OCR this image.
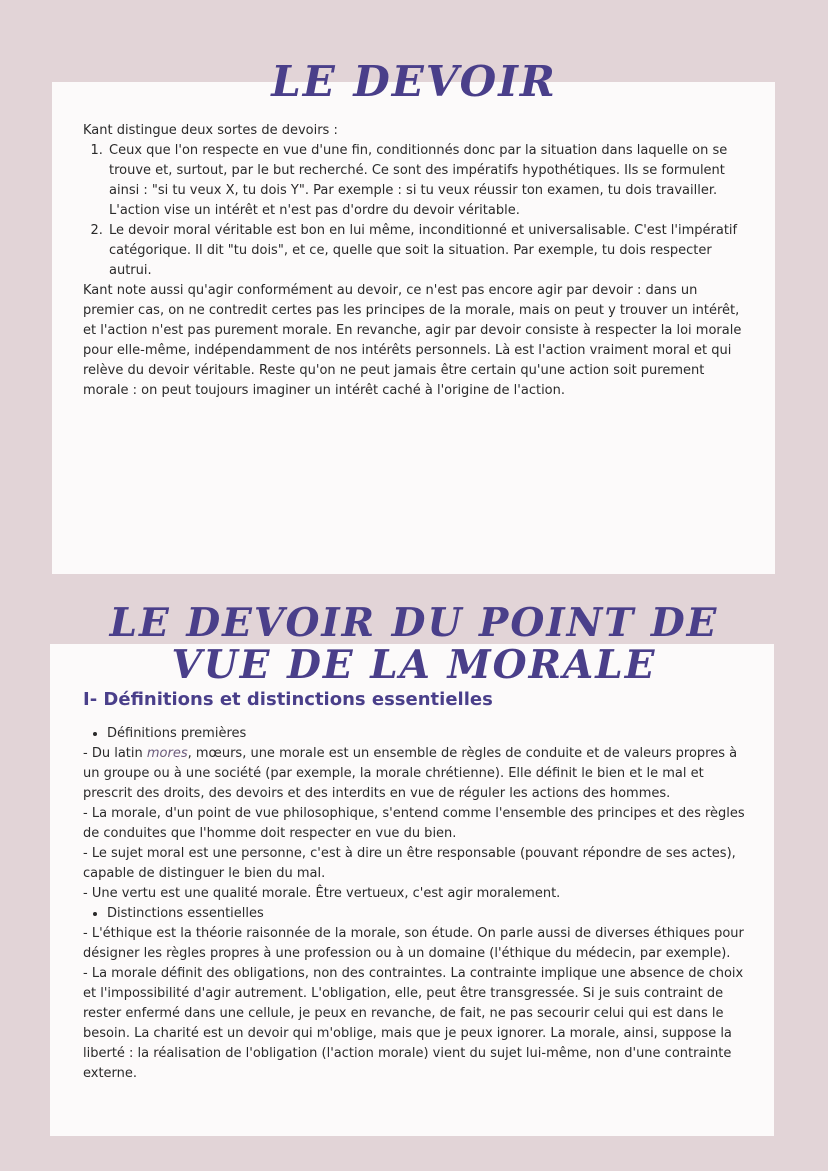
LE DEVOIR

Kant distingue deux sortes de devoirs :

1. Ceux que l'on respecte en vue d'une fin, conditionnés donc par la situation dans laquelle on se trouve et, surtout, par le but recherché. Ce sont des impératifs hypothétiques. Ils se formulent ainsi : "si tu veux X, tu dois Y". Par exemple : si tu veux réussir ton examen, tu dois travailler. L'action vise un intérêt et n'est pas d'ordre du devoir véritable.
2. Le devoir moral véritable est bon en lui même, inconditionné et universalisable. C'est l'impératif catégorique. Il dit "tu dois", et ce, quelle que soit la situation. Par exemple, tu dois respecter autrui.

Kant note aussi qu'agir conformément au devoir, ce n'est pas encore agir par devoir : dans un premier cas, on ne contredit certes pas les principes de la morale, mais on peut y trouver un intérêt, et l'action n'est pas purement morale. En revanche, agir par devoir consiste à respecter la loi morale pour elle-même, indépendamment de nos intérêts personnels. Là est l'action vraiment moral et qui relève du devoir véritable. Reste qu'on ne peut jamais être certain qu'une action soit purement morale : on peut toujours imaginer un intérêt caché à l'origine de l'action.

LE DEVOIR DU POINT DE
VUE DE LA MORALE
I- Définitions et distinctions essentielles
• Définitions premières

- Du latin mores, mœurs, une morale est un ensemble de règles de conduite et de valeurs propres à un groupe ou à une société (par exemple, la morale chrétienne). Elle définit le bien et le mal et prescrit des droits, des devoirs et des interdits en vue de réguler les actions des hommes.

- La morale, d'un point de vue philosophique, s'entend comme l'ensemble des principes et des règles de conduites que l'homme doit respecter en vue du bien.

- Le sujet moral est une personne, c'est à dire un être responsable (pouvant répondre de ses actes), capable de distinguer le bien du mal.

- Une vertu est une qualité morale. Être vertueux, c'est agir moralement.

• Distinctions essentielles

- L'éthique est la théorie raisonnée de la morale, son étude. On parle aussi de diverses éthiques pour désigner les règles propres à une profession ou à un domaine (l'éthique du médecin, par exemple).

- La morale définit des obligations, non des contraintes. La contrainte implique une absence de choix et l'impossibilité d'agir autrement. L'obligation, elle, peut être transgressée. Si je suis contraint de rester enfermé dans une cellule, je peux en revanche, de fait, ne pas secourir celui qui est dans le besoin. La charité est un devoir qui m'oblige, mais que je peux ignorer. La morale, ainsi, suppose la liberté : la réalisation de l'obligation (l'action morale) vient du sujet lui-même, non d'une contrainte externe.
